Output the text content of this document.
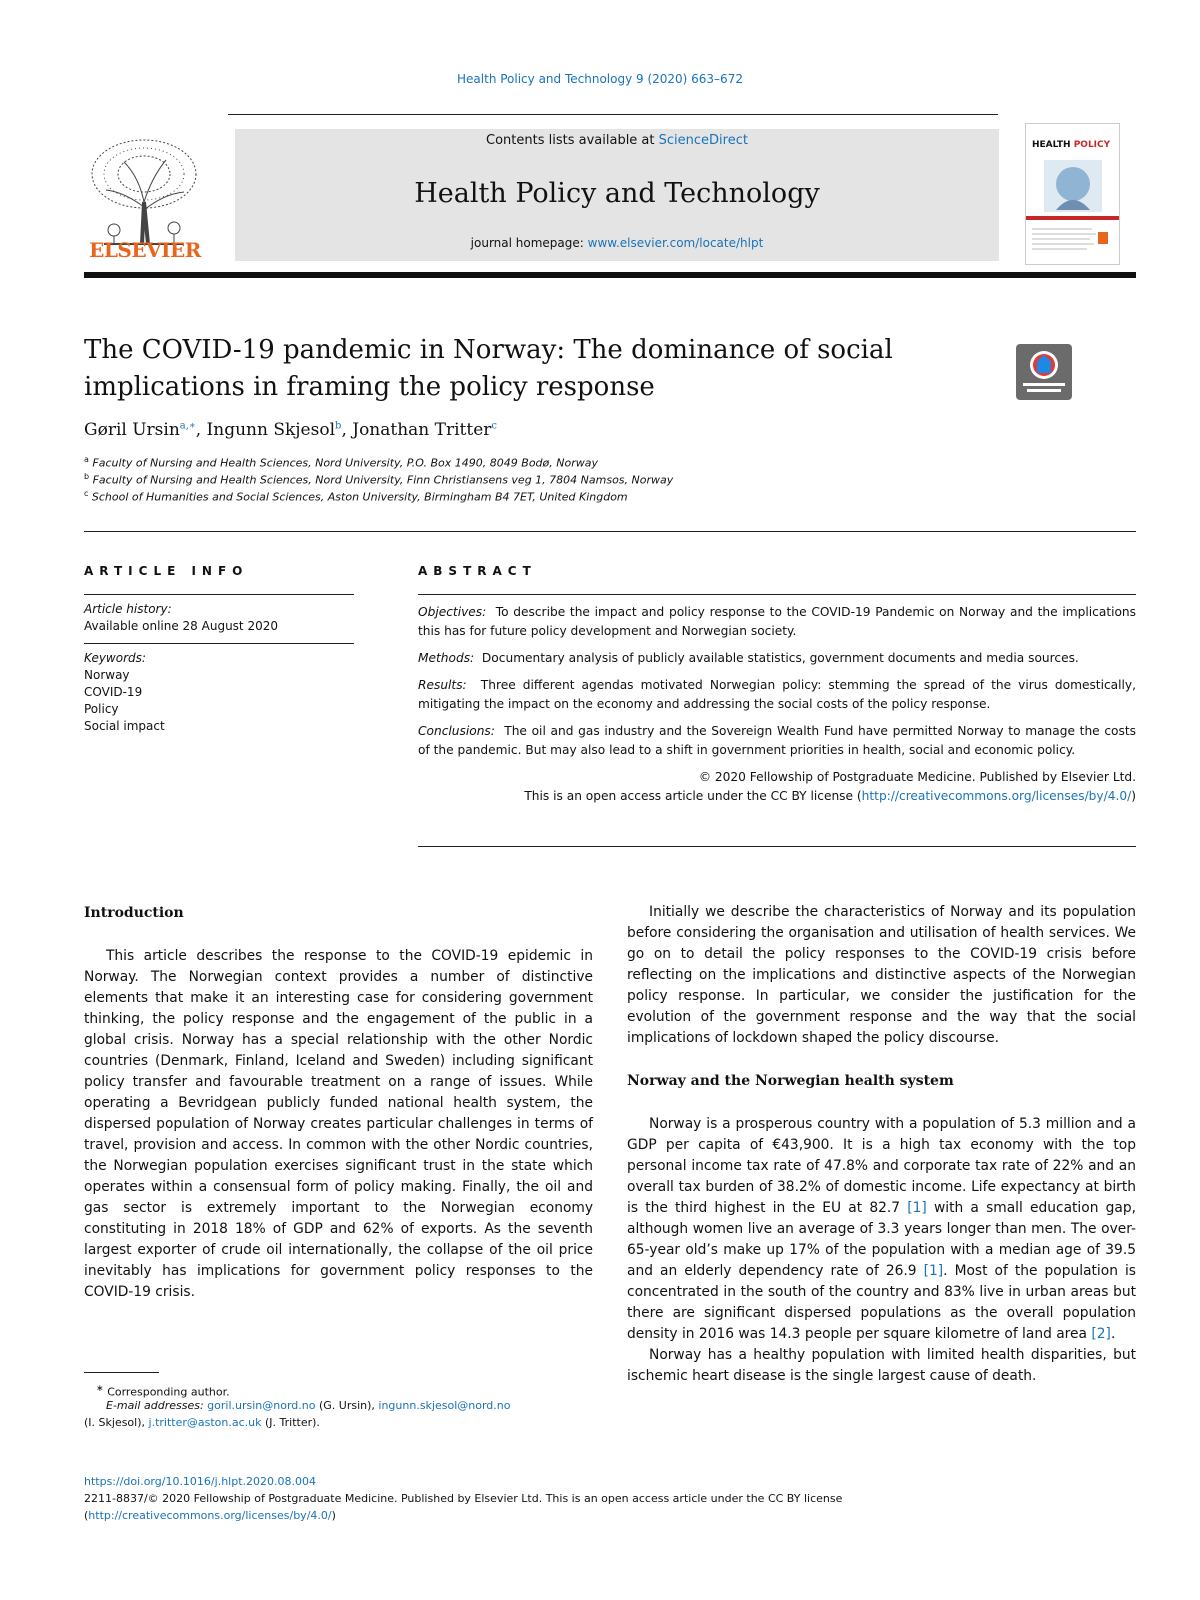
Health Policy and Technology 9 (2020) 663–672
ELSEVIER
Contents lists available at ScienceDirect
Health Policy and Technology
journal homepage: www.elsevier.com/locate/hlpt
HEALTH POLICY
The COVID-19 pandemic in Norway: The dominance of social implications in framing the policy response
Gøril Ursin$^{a,∗}$, Ingunn Skjesol$^b$, Jonathan Tritter$^c$
$^a$ Faculty of Nursing and Health Sciences, Nord University, P.O. Box 1490, 8049 Bodø, Norway
$^b$ Faculty of Nursing and Health Sciences, Nord University, Finn Christiansens veg 1, 7804 Namsos, Norway
$^c$ School of Humanities and Social Sciences, Aston University, Birmingham B4 7ET, United Kingdom
ARTICLE INFO
Article history:
Available online 28 August 2020
Keywords:
Norway
COVID-19
Policy
Social impact
ABSTRACT

Objectives: To describe the impact and policy response to the COVID-19 Pandemic on Norway and the implications this has for future policy development and Norwegian society.

Methods: Documentary analysis of publicly available statistics, government documents and media sources.

Results: Three different agendas motivated Norwegian policy: stemming the spread of the virus domestically, mitigating the impact on the economy and addressing the social costs of the policy response.

Conclusions: The oil and gas industry and the Sovereign Wealth Fund have permitted Norway to manage the costs of the pandemic. But may also lead to a shift in government priorities in health, social and economic policy.

© 2020 Fellowship of Postgraduate Medicine. Published by Elsevier Ltd.

This is an open access article under the CC BY license (http://creativecommons.org/licenses/by/4.0/)

Introduction

This article describes the response to the COVID-19 epidemic in Norway. The Norwegian context provides a number of distinctive elements that make it an interesting case for considering government thinking, the policy response and the engagement of the public in a global crisis. Norway has a special relationship with the other Nordic countries (Denmark, Finland, Iceland and Sweden) including significant policy transfer and favourable treatment on a range of issues. While operating a Bevridgean publicly funded national health system, the dispersed population of Norway creates particular challenges in terms of travel, provision and access. In common with the other Nordic countries, the Norwegian population exercises significant trust in the state which operates within a consensual form of policy making. Finally, the oil and gas sector is extremely important to the Norwegian economy constituting in 2018 18% of GDP and 62% of exports. As the seventh largest exporter of crude oil internationally, the collapse of the oil price inevitably has implications for government policy responses to the COVID-19 crisis.

Initially we describe the characteristics of Norway and its population before considering the organisation and utilisation of health services. We go on to detail the policy responses to the COVID-19 crisis before reflecting on the implications and distinctive aspects of the Norwegian policy response. In particular, we consider the justification for the evolution of the government response and the way that the social implications of lockdown shaped the policy discourse.

Norway and the Norwegian health system

Norway is a prosperous country with a population of 5.3 million and a GDP per capita of €43,900. It is a high tax economy with the top personal income tax rate of 47.8% and corporate tax rate of 22% and an overall tax burden of 38.2% of domestic income. Life expectancy at birth is the third highest in the EU at 82.7 [1] with a small education gap, although women live an average of 3.3 years longer than men. The over-65-year old’s make up 17% of the population with a median age of 39.5 and an elderly dependency rate of 26.9 [1]. Most of the population is concentrated in the south of the country and 83% live in urban areas but there are significant dispersed populations as the overall population density in 2016 was 14.3 people per square kilometre of land area [2].

Norway has a healthy population with limited health disparities, but ischemic heart disease is the single largest cause of death.

∗ Corresponding author.
E-mail addresses: goril.ursin@nord.no (G. Ursin), ingunn.skjesol@nord.no
(I. Skjesol), j.tritter@aston.ac.uk (J. Tritter).
https://doi.org/10.1016/j.hlpt.2020.08.004
2211-8837/© 2020 Fellowship of Postgraduate Medicine. Published by Elsevier Ltd. This is an open access article under the CC BY license
(http://creativecommons.org/licenses/by/4.0/)
